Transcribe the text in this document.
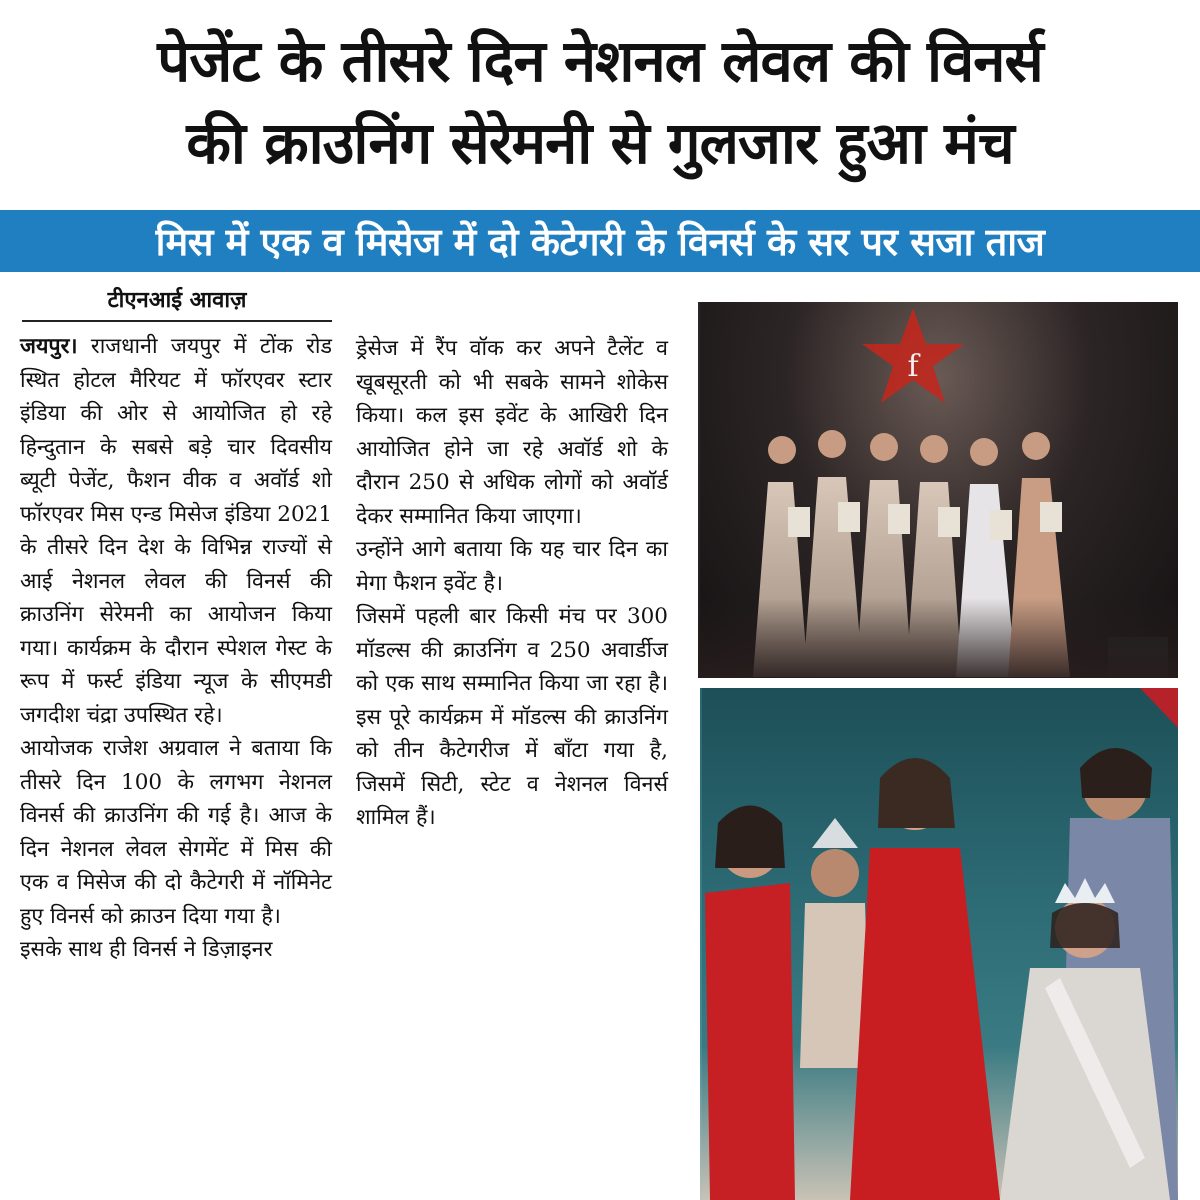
पेजेंट के तीसरे दिन नेशनल लेवल की विनर्स
की क्राउनिंग सेरेमनी से गुलजार हुआ मंच
मिस में एक व मिसेज में दो केटेगरी के विनर्स के सर पर सजा ताज
टीएनआई आवाज़

जयपुर। राजधानी जयपुर में टोंक रोड स्थित होटल मैरियट में फॉरएवर स्टार इंडिया की ओर से आयोजित हो रहे हिन्दुतान के सबसे बड़े चार दिवसीय ब्यूटी पेजेंट, फैशन वीक व अवॉर्ड शो फॉरएवर मिस एन्ड मिसेज इंडिया 2021 के तीसरे दिन देश के विभिन्न राज्यों से आई नेशनल लेवल की विनर्स की क्राउनिंग सेरेमनी का आयोजन किया गया। कार्यक्रम के दौरान स्पेशल गेस्ट के रूप में फर्स्ट इंडिया न्यूज के सीएमडी जगदीश चंद्रा उपस्थित रहे।

आयोजक राजेश अग्रवाल ने बताया कि तीसरे दिन 100 के लगभग नेशनल विनर्स की क्राउनिंग की गई है। आज के दिन नेशनल लेवल सेगमेंट में मिस की एक व मिसेज की दो कैटेगरी में नॉमिनेट हुए विनर्स को क्राउन दिया गया है।

इसके साथ ही विनर्स ने डिज़ाइनर

ड्रेसेज में रैंप वॉक कर अपने टैलेंट व खूबसूरती को भी सबके सामने शोकेस किया। कल इस इवेंट के आखिरी दिन आयोजित होने जा रहे अवॉर्ड शो के दौरान 250 से अधिक लोगों को अवॉर्ड देकर सम्मानित किया जाएगा।

उन्होंने आगे बताया कि यह चार दिन का मेगा फैशन इवेंट है।

जिसमें पहली बार किसी मंच पर 300 मॉडल्स की क्राउनिंग व 250 अवार्डीज को एक साथ सम्मानित किया जा रहा है। इस पूरे कार्यक्रम में मॉडल्स की क्राउनिंग को तीन कैटेगरीज में बाँटा गया है, जिसमें सिटी, स्टेट व नेशनल विनर्स शामिल हैं।

f
